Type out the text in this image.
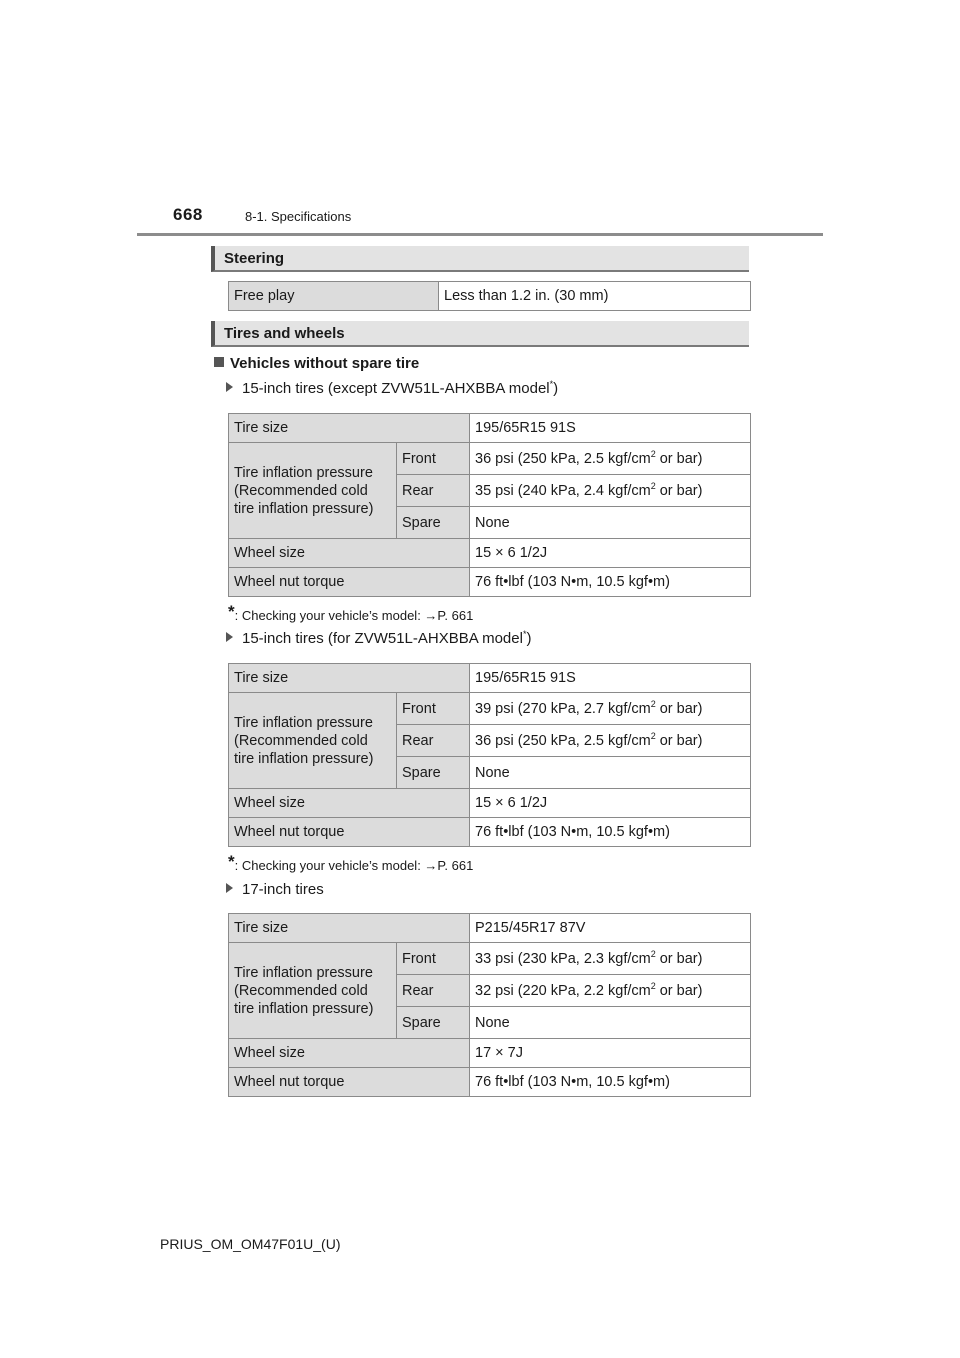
668	8-1. Specifications
Steering
Free play	Less than 1.2 in. (30 mm)
Tires and wheels
Vehicles without spare tire
15-inch tires (except ZVW51L-AHXBBA model*)
Tire size		195/65R15 91S
Tire inflation pressure (Recommended cold tire inflation pressure)	Front	36 psi (250 kPa, 2.5 kgf/$cm^2$ or bar)
	Rear	35 psi (240 kPa, 2.4 kgf/$cm^2$ or bar)
	Spare	None
Wheel size		15 × 6 1/2J
Wheel nut torque		76 ft•lbf (103 N•m, 10.5 kgf•m)
*: Checking your vehicle’s model: →P. 661
15-inch tires (for ZVW51L-AHXBBA model*)
Tire size		195/65R15 91S
Tire inflation pressure (Recommended cold tire inflation pressure)	Front	39 psi (270 kPa, 2.7 kgf/$cm^2$ or bar)
	Rear	36 psi (250 kPa, 2.5 kgf/$cm^2$ or bar)
	Spare	None
Wheel size		15 × 6 1/2J
Wheel nut torque		76 ft•lbf (103 N•m, 10.5 kgf•m)
*: Checking your vehicle’s model: →P. 661
17-inch tires
Tire size		P215/45R17 87V
Tire inflation pressure (Recommended cold tire inflation pressure)	Front	33 psi (230 kPa, 2.3 kgf/$cm^2$ or bar)
	Rear	32 psi (220 kPa, 2.2 kgf/$cm^2$ or bar)
	Spare	None
Wheel size		17 × 7J
Wheel nut torque		76 ft•lbf (103 N•m, 10.5 kgf•m)
PRIUS_OM_OM47F01U_(U)
